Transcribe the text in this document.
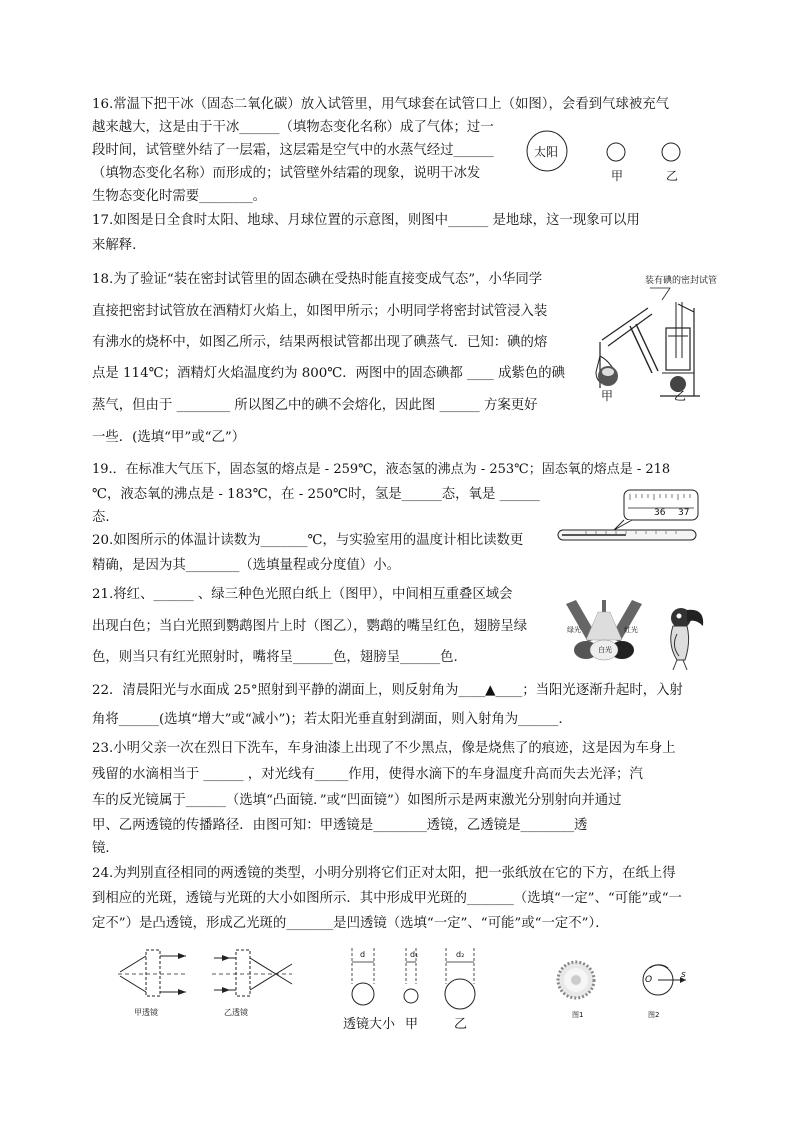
16.常温下把干冰（固态二氧化碳）放入试管里，用气球套在试管口上（如图），会看到气球被充气
越来越大，这是由于干冰______（填物态变化名称）成了气体；过一
段时间，试管壁外结了一层霜，这层霜是空气中的水蒸气经过______
（填物态变化名称）而形成的；试管壁外结霜的现象，说明干冰发
生物态变化时需要________。
太阳
甲	乙
17.如图是日全食时太阳、地球、月球位置的示意图，则图中______ 是地球，这一现象可以用
来解释.
18.为了验证“装在密封试管里的固态碘在受热时能直接变成气态”，小华同学
直接把密封试管放在酒精灯火焰上，如图甲所示；小明同学将密封试管浸入装
有沸水的烧杯中，如图乙所示，结果两根试管都出现了碘蒸气．已知：碘的熔
点是 114℃；酒精灯火焰温度约为 800℃．两图中的固态碘都 ____ 成紫色的碘
蒸气，但由于 ________ 所以图乙中的碘不会熔化，因此图 ______ 方案更好
一些．(选填“甲”或“乙”）
装有碘的密封试管
甲	乙
19.．在标准大气压下，固态氢的熔点是 - 259℃，液态氢的沸点为 - 253℃；固态氧的熔点是 - 218
℃，液态氧的沸点是 - 183℃，在 - 250℃时，氢是______态，氧是 ______
态.	36 37
20.如图所示的体温计读数为_______℃，与实验室用的温度计相比读数更
精确，是因为其________（选填量程或分度值）小。
21.将红、______ 、绿三种色光照白纸上（图甲），中间相互重叠区域会
出现白色；当白光照到鹦鹉图片上时（图乙），鹦鹉的嘴呈红色，翅膀呈绿
色，则当只有红光照射时，嘴将呈______色，翅膀呈______色.
绿光	红光
白光
22．清晨阳光与水面成 25°照射到平静的湖面上，则反射角为____▲____；当阳光逐渐升起时，入射
角将______(选填“增大”或“减小”)；若太阳光垂直射到湖面，则入射角为______.
23.小明父亲一次在烈日下洗车，车身油漆上出现了不少黑点，像是烧焦了的痕迹，这是因为车身上
残留的水滴相当于 ______ ，对光线有_____作用，使得水滴下的车身温度升高而失去光泽；汽
车的反光镜属于______（选填“凸面镜．”或“凹面镜”）如图所示是两束激光分别射向并通过
甲、乙两透镜的传播路径．由图可知：甲透镜是________透镜，乙透镜是________透
镜．
24.为判别直径相同的两透镜的类型，小明分别将它们正对太阳，把一张纸放在它的下方，在纸上得
到相应的光斑，透镜与光斑的大小如图所示．其中形成甲光斑的_______（选填“一定”、“可能”或“一
定不”）是凸透镜，形成乙光斑的_______是凹透镜（选填“一定”、“可能”或“一定不”）．
甲透镜	乙透镜
d	d₁	d₂
透镜大小 甲	乙
图1
O	s
图2
